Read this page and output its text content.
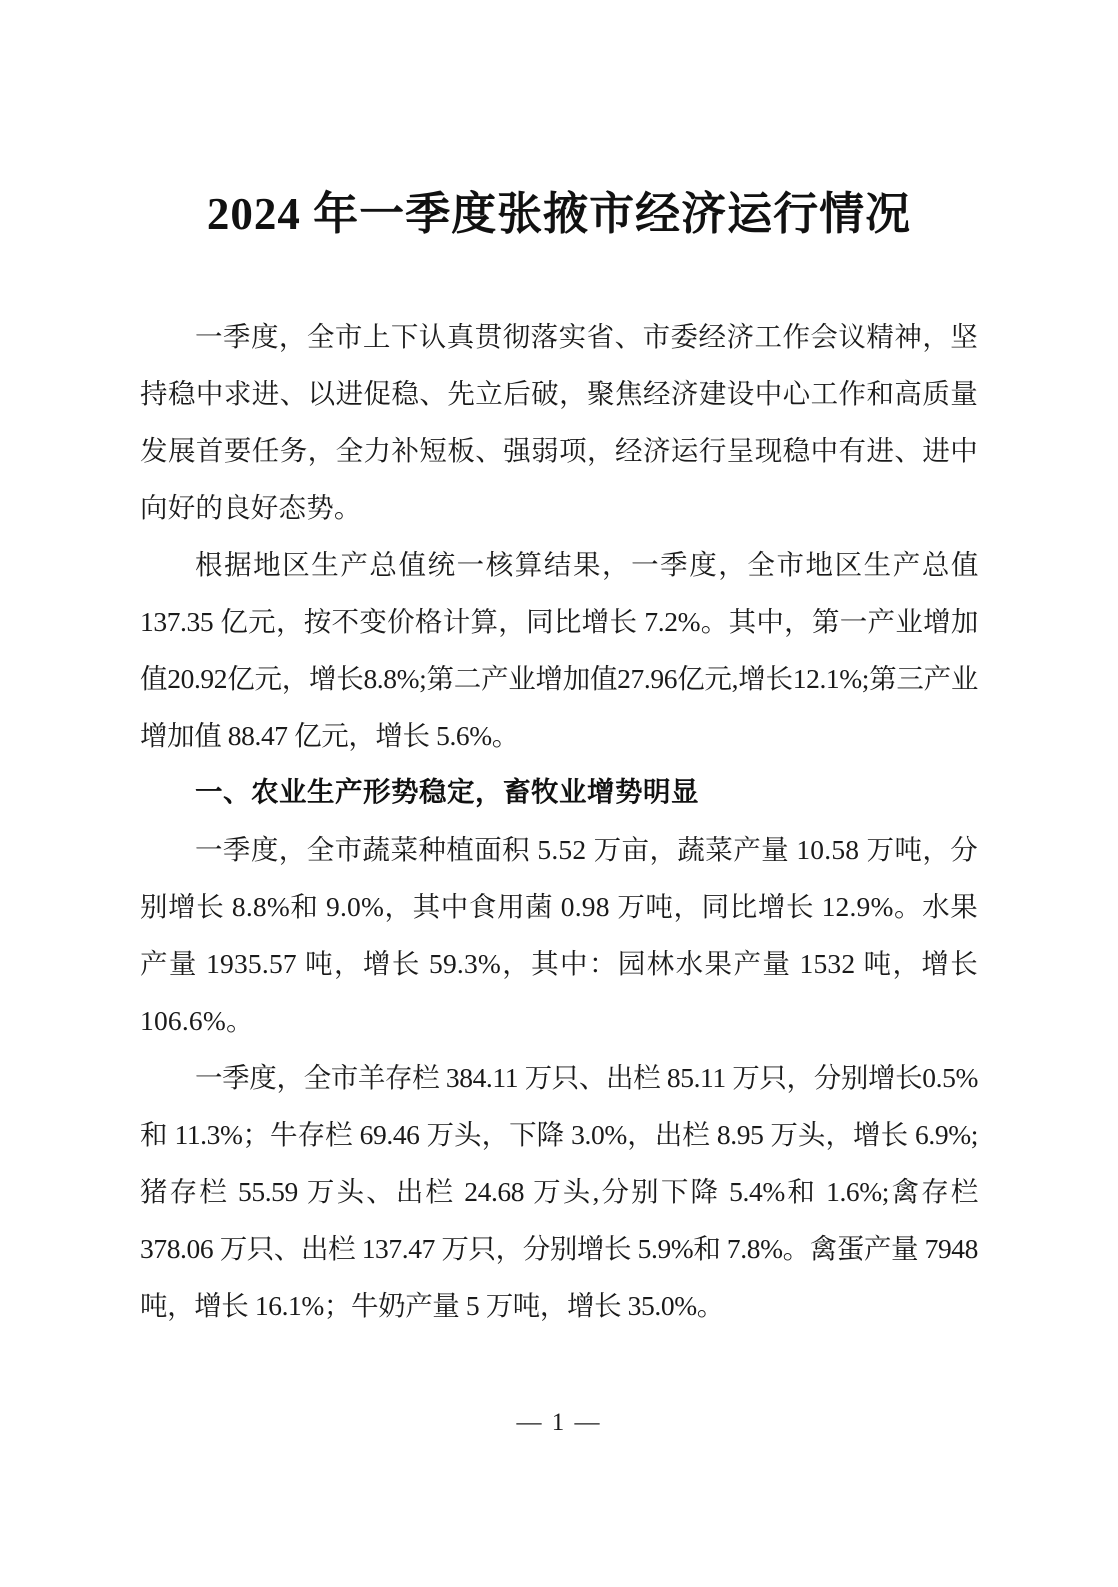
2024 年一季度张掖市经济运行情况

一季度，全市上下认真贯彻落实省、市委经济工作会议精神，坚持稳中求进、以进促稳、先立后破，聚焦经济建设中心工作和高质量发展首要任务，全力补短板、强弱项，经济运行呈现稳中有进、进中向好的良好态势。

根据地区生产总值统一核算结果，一季度，全市地区生产总值137.35 亿元，按不变价格计算，同比增长 7.2%。其中，第一产业增加值20.92亿元，增长8.8%;第二产业增加值27.96亿元,增长12.1%;第三产业增加值 88.47 亿元，增长 5.6%。

一、农业生产形势稳定，畜牧业增势明显

一季度，全市蔬菜种植面积 5.52 万亩，蔬菜产量 10.58 万吨，分别增长 8.8%和 9.0%，其中食用菌 0.98 万吨，同比增长 12.9%。水果产量 1935.57 吨，增长 59.3%，其中：园林水果产量 1532 吨，增长 106.6%。

一季度，全市羊存栏 384.11 万只、出栏 85.11 万只，分别增长0.5%和 11.3%；牛存栏 69.46 万头，下降 3.0%，出栏 8.95 万头，增长 6.9%;猪存栏 55.59 万头、出栏 24.68 万头,分别下降 5.4%和 1.6%;禽存栏 378.06 万只、出栏 137.47 万只，分别增长 5.9%和 7.8%。禽蛋产量 7948 吨，增长 16.1%；牛奶产量 5 万吨，增长 35.0%。

— 1 —
